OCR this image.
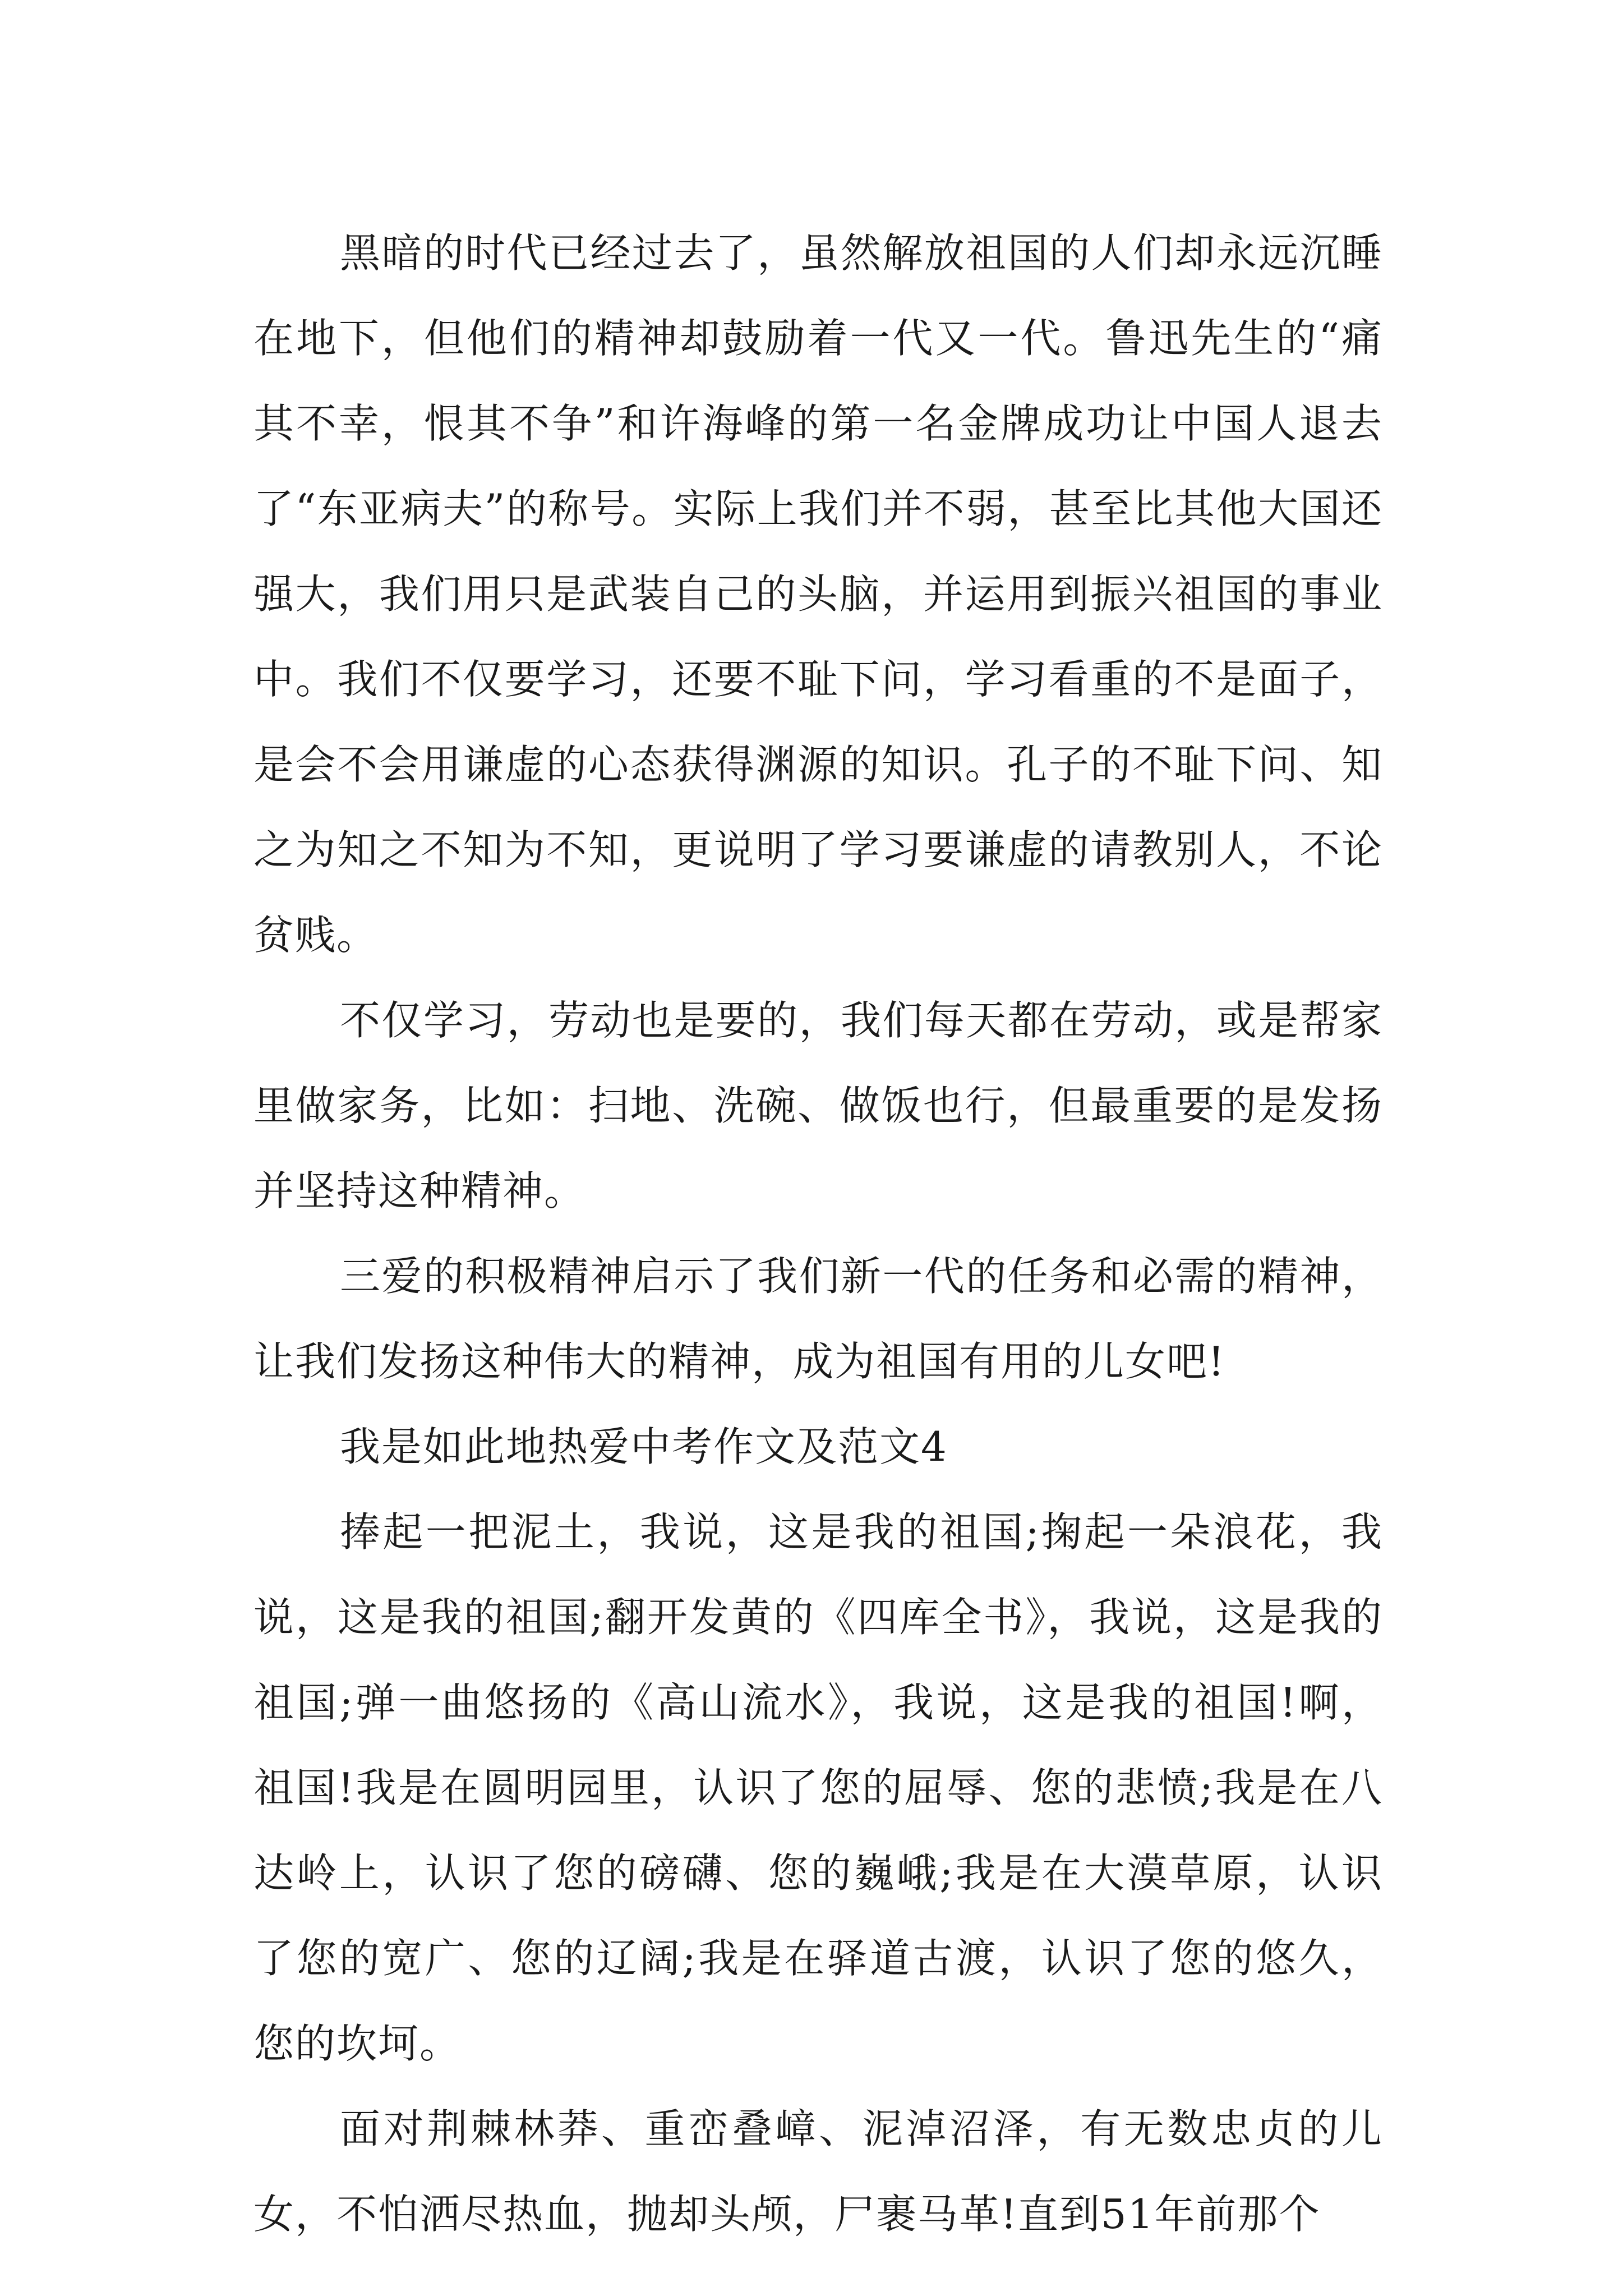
黑暗的时代已经过去了，虽然解放祖国的人们却永远沉睡在地下，但他们的精神却鼓励着一代又一代。鲁迅先生的“痛其不幸，恨其不争”和许海峰的第一名金牌成功让中国人退去了“东亚病夫”的称号。实际上我们并不弱，甚至比其他大国还强大，我们用只是武装自己的头脑，并运用到振兴祖国的事业中。我们不仅要学习，还要不耻下问，学习看重的不是面子，是会不会用谦虚的心态获得渊源的知识。孔子的不耻下问、知之为知之不知为不知，更说明了学习要谦虚的请教别人，不论贫贱。

不仅学习，劳动也是要的，我们每天都在劳动，或是帮家里做家务，比如：扫地、洗碗、做饭也行，但最重要的是发扬并坚持这种精神。

三爱的积极精神启示了我们新一代的任务和必需的精神，让我们发扬这种伟大的精神，成为祖国有用的儿女吧!

我是如此地热爱中考作文及范文4

捧起一把泥土，我说，这是我的祖国;掬起一朵浪花，我说，这是我的祖国;翻开发黄的《四库全书》，我说，这是我的祖国;弹一曲悠扬的《高山流水》，我说，这是我的祖国!啊，祖国!我是在圆明园里，认识了您的屈辱、您的悲愤;我是在八达岭上，认识了您的磅礴、您的巍峨;我是在大漠草原，认识了您的宽广、您的辽阔;我是在驿道古渡，认识了您的悠久，您的坎坷。

面对荆棘林莽、重峦叠嶂、泥淖沼泽，有无数忠贞的儿女，不怕洒尽热血，抛却头颅，尸裹马革!直到51年前那个
